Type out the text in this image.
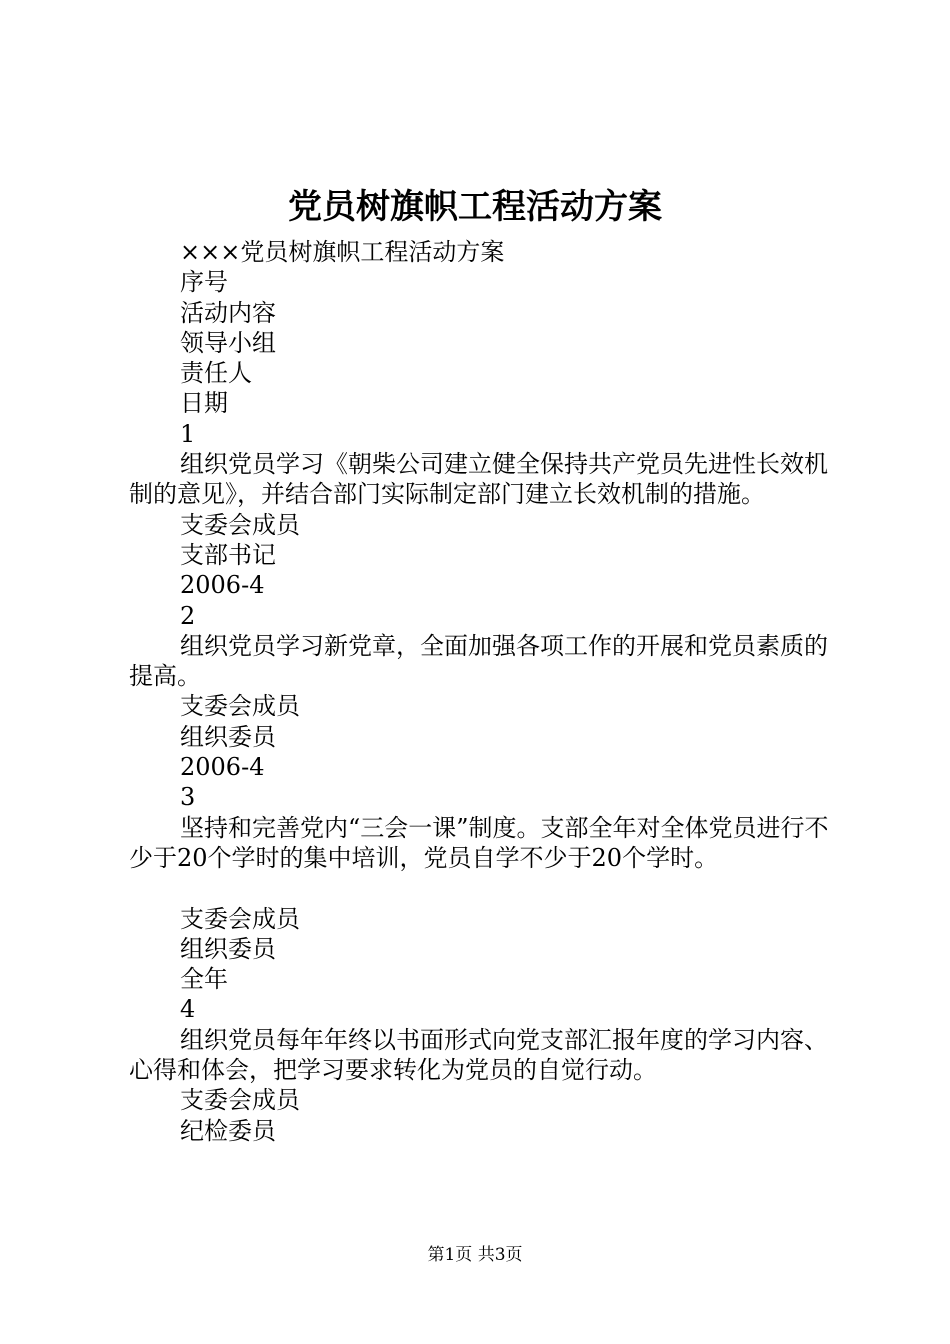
党员树旗帜工程活动方案

×××党员树旗帜工程活动方案

序号

活动内容

领导小组

责任人

日期

1

组织党员学习《朝柴公司建立健全保持共产党员先进性长效机制的意见》，并结合部门实际制定部门建立长效机制的措施。

支委会成员

支部书记

2006-4

2

组织党员学习新党章，全面加强各项工作的开展和党员素质的提高。

支委会成员

组织委员

2006-4

3

坚持和完善党内“三会一课”制度。支部全年对全体党员进行不少于20个学时的集中培训，党员自学不少于20个学时。

支委会成员

组织委员

全年

4

组织党员每年年终以书面形式向党支部汇报年度的学习内容、心得和体会，把学习要求转化为党员的自觉行动。

支委会成员

纪检委员

第1页 共3页
